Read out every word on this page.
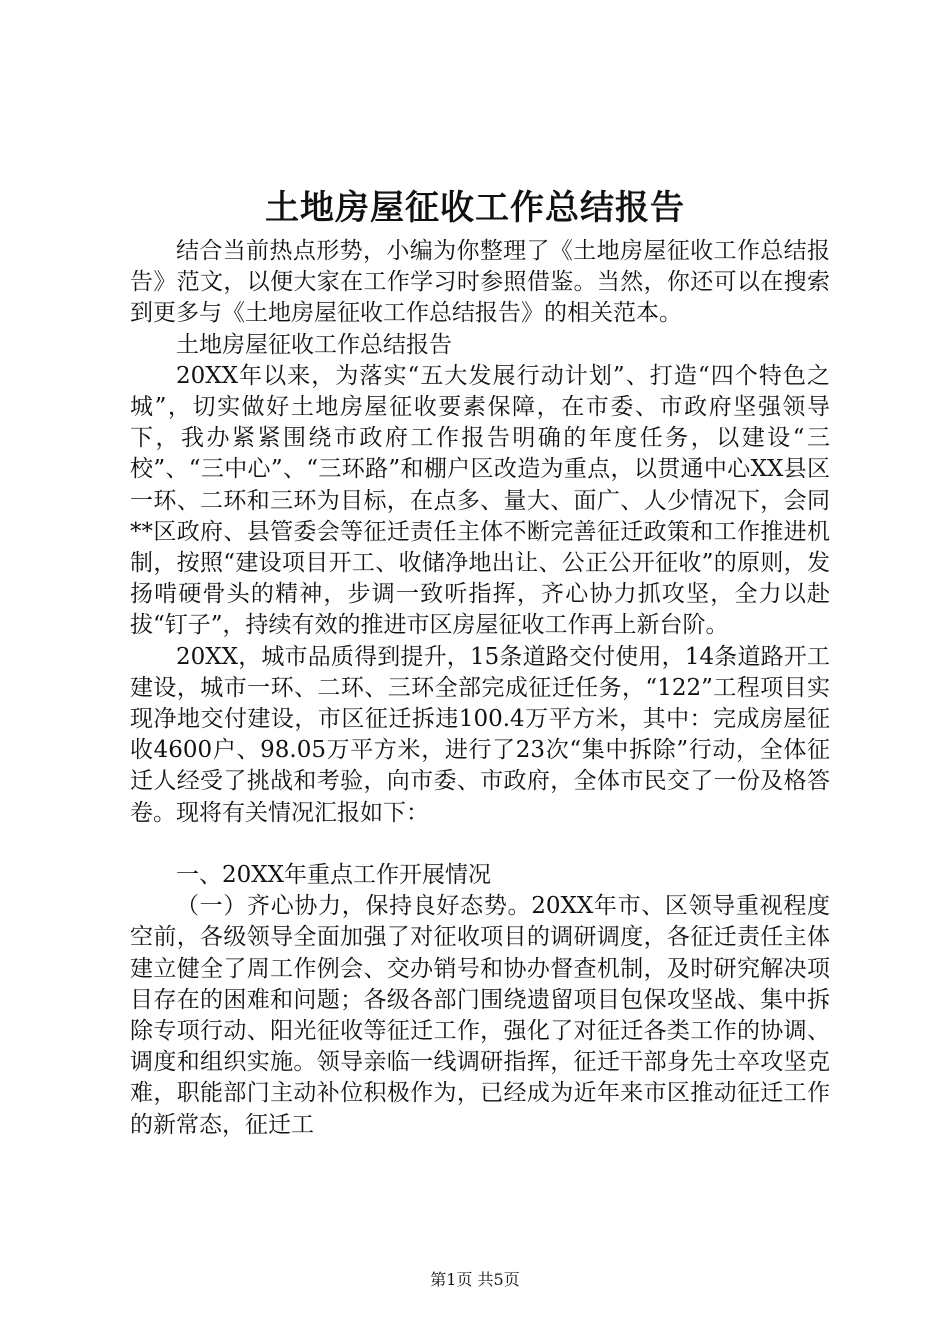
土地房屋征收工作总结报告

结合当前热点形势，小编为你整理了《土地房屋征收工作总结报告》范文，以便大家在工作学习时参照借鉴。当然，你还可以在搜索到更多与《土地房屋征收工作总结报告》的相关范本。

土地房屋征收工作总结报告

20XX年以来，为落实“五大发展行动计划”、打造“四个特色之城”，切实做好土地房屋征收要素保障，在市委、市政府坚强领导下，我办紧紧围绕市政府工作报告明确的年度任务，以建设“三校”、“三中心”、“三环路”和棚户区改造为重点，以贯通中心XX县区一环、二环和三环为目标，在点多、量大、面广、人少情况下，会同**区政府、县管委会等征迁责任主体不断完善征迁政策和工作推进机制，按照“建设项目开工、收储净地出让、公正公开征收”的原则，发扬啃硬骨头的精神，步调一致听指挥，齐心协力抓攻坚，全力以赴拔“钉子”，持续有效的推进市区房屋征收工作再上新台阶。

20XX，城市品质得到提升，15条道路交付使用，14条道路开工建设，城市一环、二环、三环全部完成征迁任务，“122”工程项目实现净地交付建设，市区征迁拆违100.4万平方米，其中：完成房屋征收4600户、98.05万平方米，进行了23次“集中拆除”行动，全体征迁人经受了挑战和考验，向市委、市政府，全体市民交了一份及格答卷。现将有关情况汇报如下：

一、20XX年重点工作开展情况

（一）齐心协力，保持良好态势。20XX年市、区领导重视程度空前，各级领导全面加强了对征收项目的调研调度，各征迁责任主体建立健全了周工作例会、交办销号和协办督查机制，及时研究解决项目存在的困难和问题；各级各部门围绕遗留项目包保攻坚战、集中拆除专项行动、阳光征收等征迁工作，强化了对征迁各类工作的协调、调度和组织实施。领导亲临一线调研指挥，征迁干部身先士卒攻坚克难，职能部门主动补位积极作为，已经成为近年来市区推动征迁工作的新常态，征迁工

第1页 共5页
